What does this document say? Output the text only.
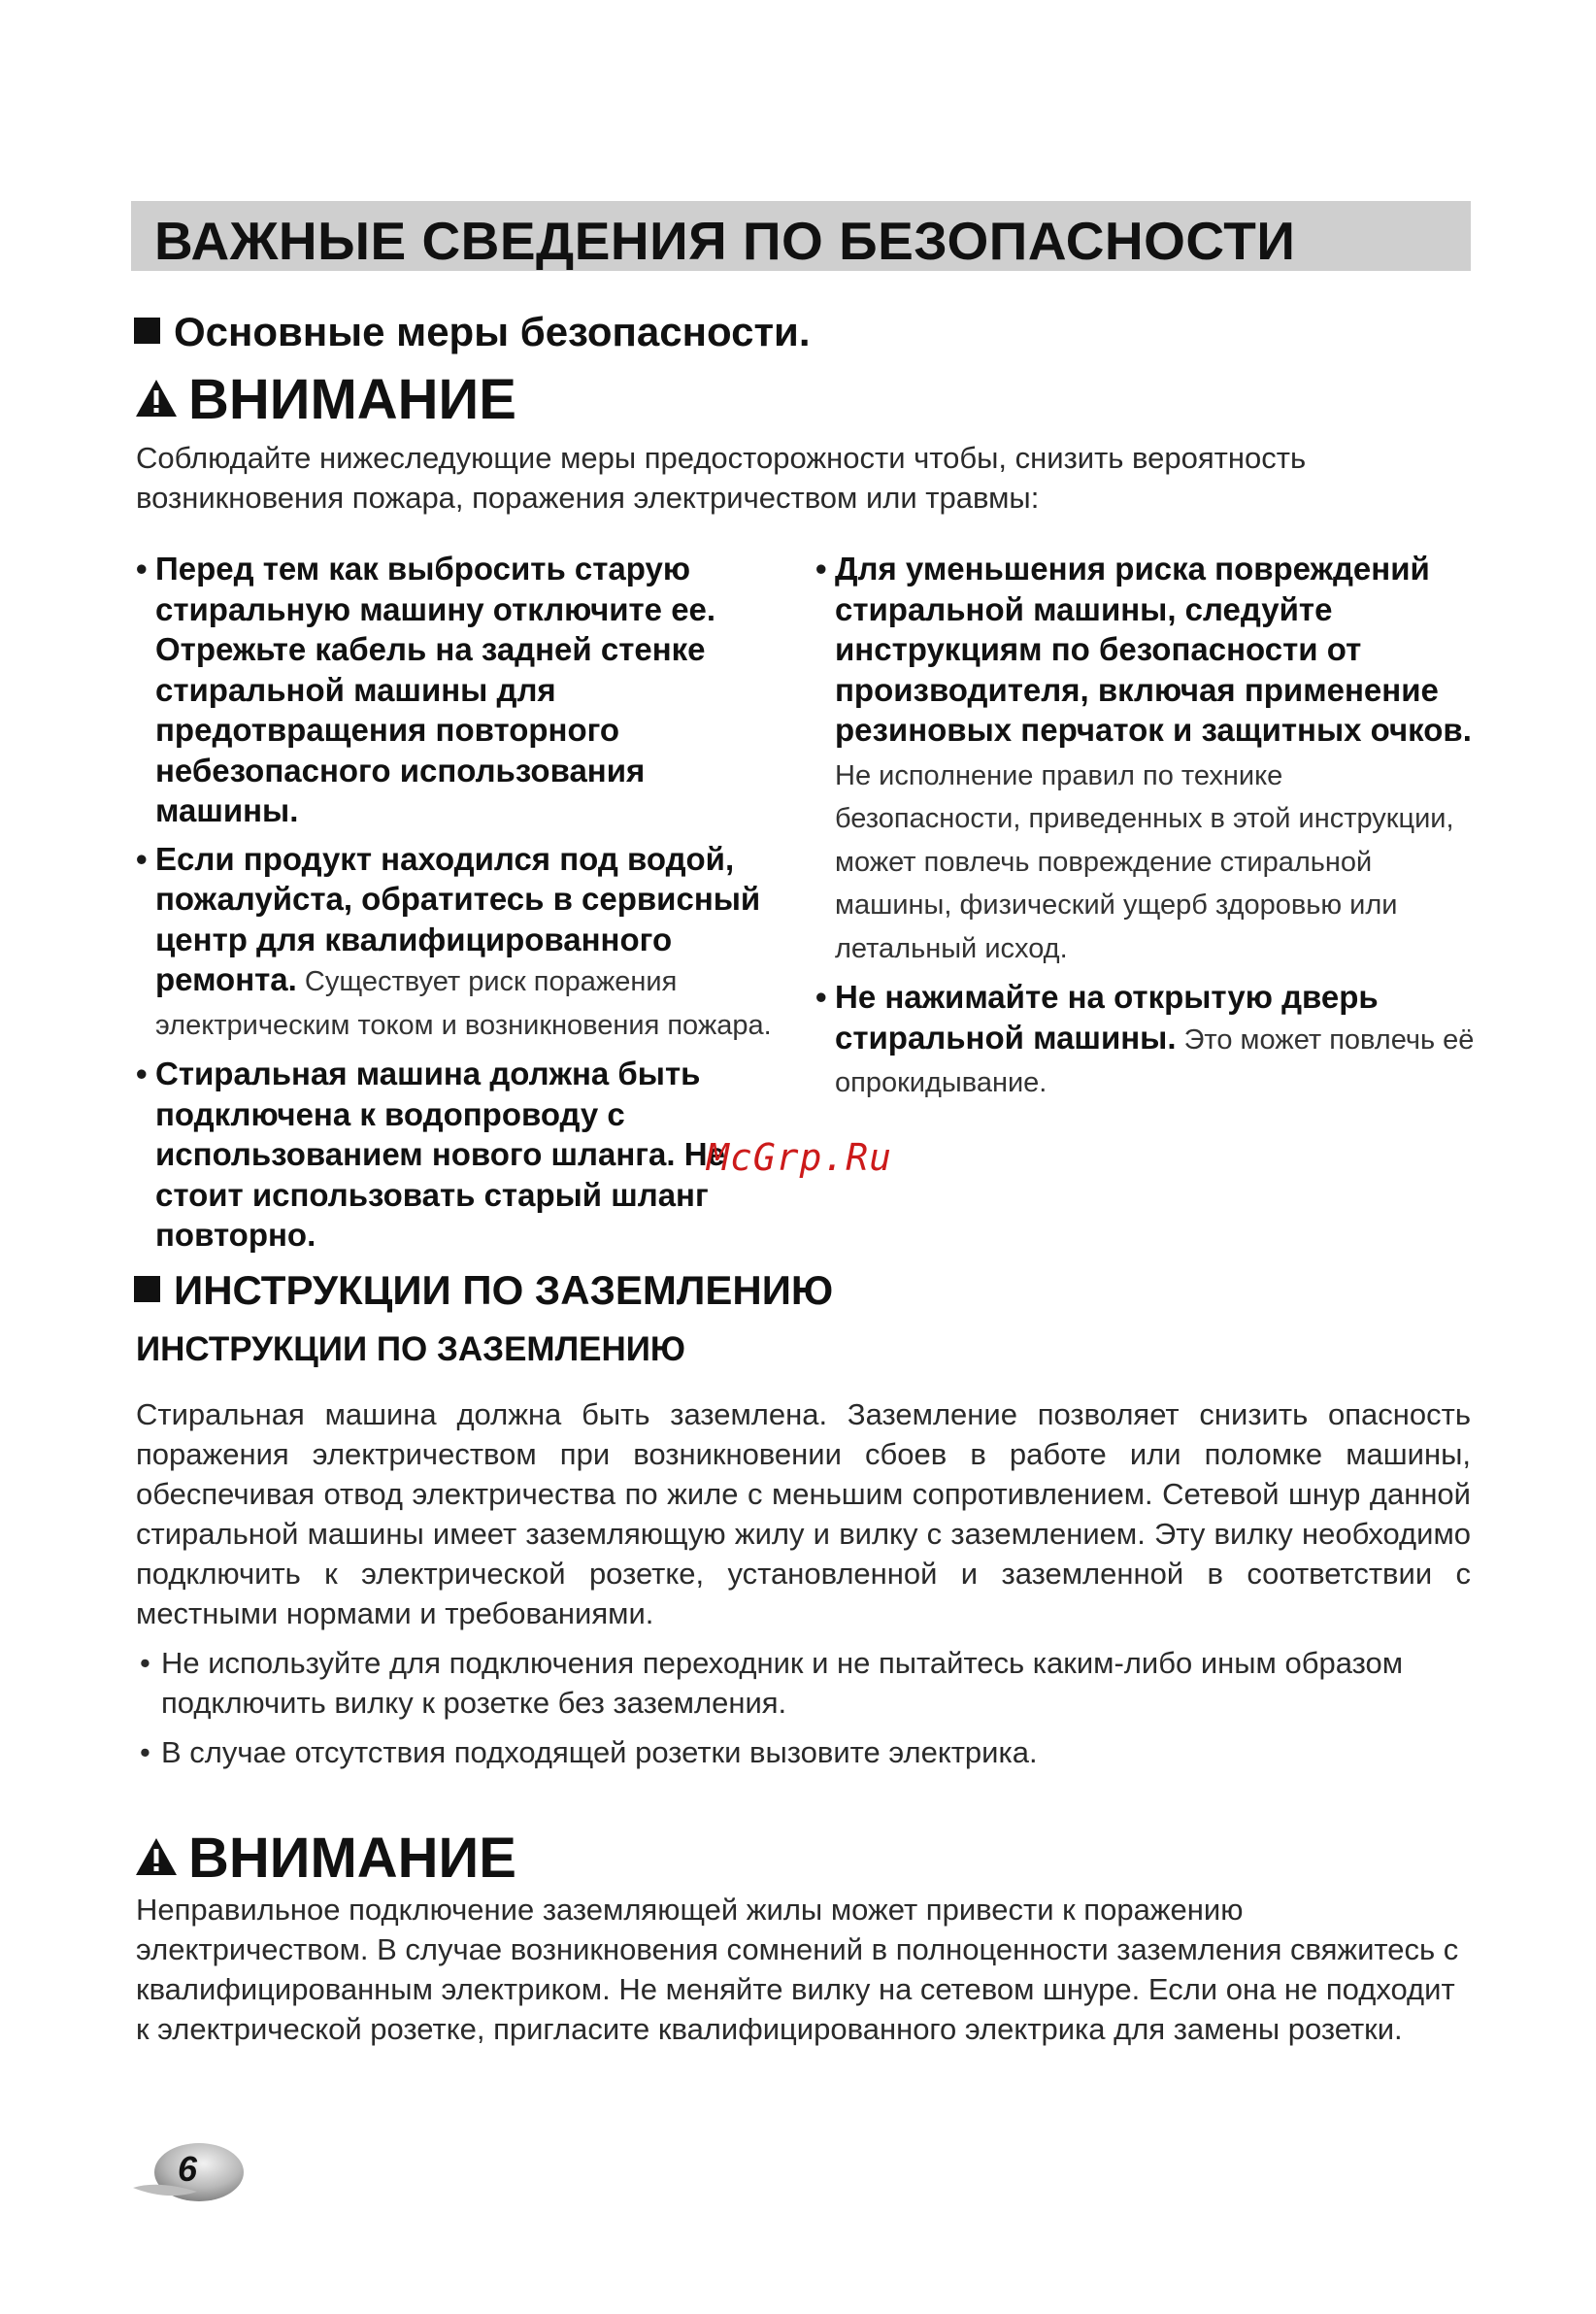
ВАЖНЫЕ СВЕДЕНИЯ ПО БЕЗОПАСНОСТИ
Основные меры безопасности.
ВНИМАНИЕ

Соблюдайте нижеследующие меры предосторожности чтобы, снизить вероятность возникновения пожара, поражения электричеством или травмы:

• Перед тем как выбросить старую стиральную машину отключите ее. Отрежьте кабель на задней стенке стиральной машины для предотвращения повторного небезопасного использования машины.
• Если продукт находился под водой, пожалуйста, обратитесь в сервисный центр для квалифицированного ремонта. Существует риск поражения электрическим током и возникновения пожара.
• Стиральная машина должна быть подключена к водопроводу с использованием нового шланга. Не стоит использовать старый шланг повторно.
• Для уменьшения риска повреждений стиральной машины, следуйте инструкциям по безопасности от производителя, включая применение резиновых перчаток и защитных очков. Не исполнение правил по технике безопасности, приведенных в этой инструкции, может повлечь повреждение стиральной машины, физический ущерб здоровью или летальный исход.
• Не нажимайте на открытую дверь стиральной машины. Это может повлечь её опрокидывание.
McGrp.Ru
ИНСТРУКЦИИ ПО ЗАЗЕМЛЕНИЮ
ИНСТРУКЦИИ ПО ЗАЗЕМЛЕНИЮ

Стиральная машина должна быть заземлена. Заземление позволяет снизить опасность поражения электричеством при возникновении сбоев в работе или поломке машины, обеспечивая отвод электричества по жиле с меньшим сопротивлением. Сетевой шнур данной стиральной машины имеет заземляющую жилу и вилку с заземлением. Эту вилку необходимо подключить к электрической розетке, установленной и заземленной в соответствии с местными нормами и требованиями.

• Не используйте для подключения переходник и не пытайтесь каким-либо иным образом подключить вилку к розетке без заземления.
• В случае отсутствия подходящей розетки вызовите электрика.
ВНИМАНИЕ

Неправильное подключение заземляющей жилы может привести к поражению электричеством. В случае возникновения сомнений в полноценности заземления свяжитесь с квалифицированным электриком. Не меняйте вилку на сетевом шнуре. Если она не подходит к электрической розетке, пригласите квалифицированного электрика для замены розетки.

6
